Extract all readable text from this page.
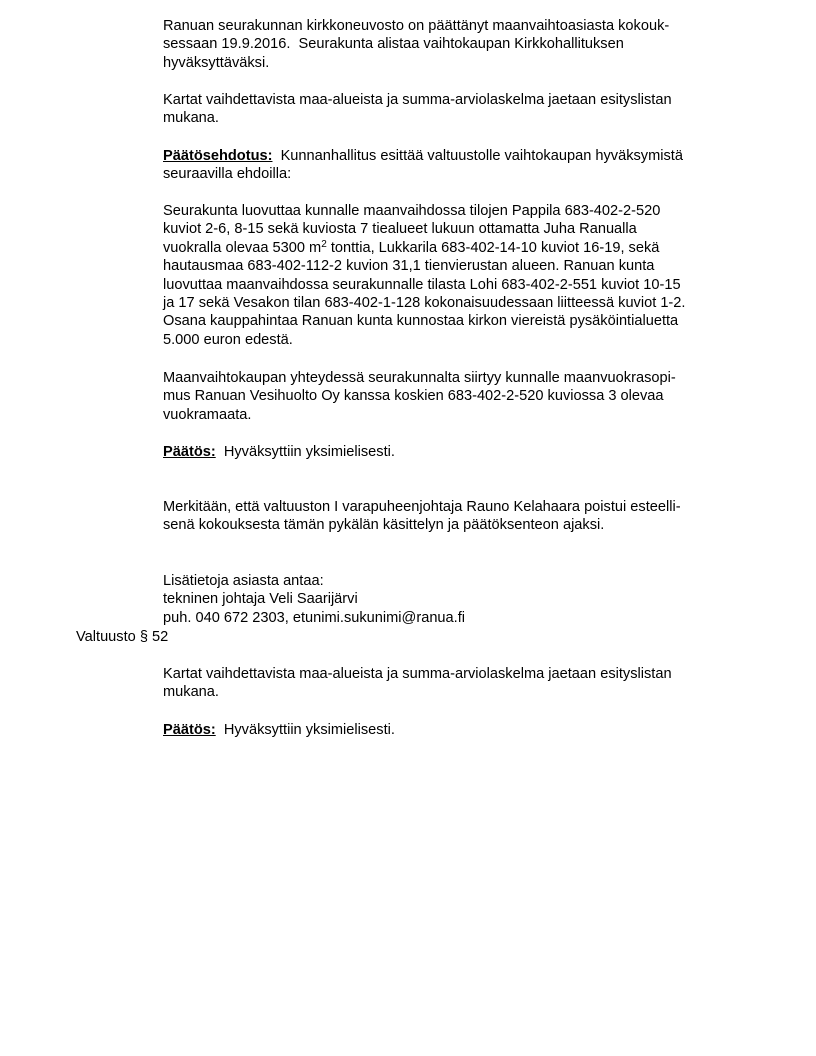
Ranuan seurakunnan kirkkoneuvosto on päättänyt maanvaihtoasiasta kokouk-
sessaan 19.9.2016.  Seurakunta alistaa vaihtokaupan Kirkkohallituksen
hyväksyttäväksi.
Kartat vaihdettavista maa-alueista ja summa-arviolaskelma jaetaan esityslistan
mukana.
Päätösehdotus: Kunnanhallitus esittää valtuustolle vaihtokaupan hyväksymistä
seuraavilla ehdoilla:
Seurakunta luovuttaa kunnalle maanvaihdossa tilojen Pappila 683-402-2-520
kuviot 2-6, 8-15 sekä kuviosta 7 tiealueet lukuun ottamatta Juha Ranualla
vuokralla olevaa 5300 $m^2$ tonttia, Lukkarila 683-402-14-10 kuviot 16-19, sekä
hautausmaa 683-402-112-2 kuvion 31,1 tienvierustan alueen. Ranuan kunta
luovuttaa maanvaihdossa seurakunnalle tilasta Lohi 683-402-2-551 kuviot 10-15
ja 17 sekä Vesakon tilan 683-402-1-128 kokonaisuudessaan liitteessä kuviot 1-2.
Osana kauppahintaa Ranuan kunta kunnostaa kirkon viereistä pysäköintialuetta
5.000 euron edestä.
Maanvaihtokaupan yhteydessä seurakunnalta siirtyy kunnalle maanvuokrasopi-
mus Ranuan Vesihuolto Oy kanssa koskien 683-402-2-520 kuviossa 3 olevaa
vuokramaata.
Päätös: Hyväksyttiin yksimielisesti.
Merkitään, että valtuuston I varapuheenjohtaja Rauno Kelahaara poistui esteelli-
senä kokouksesta tämän pykälän käsittelyn ja päätöksenteon ajaksi.
Lisätietoja asiasta antaa:
tekninen johtaja Veli Saarijärvi
puh. 040 672 2303, etunimi.sukunimi@ranua.fi
Valtuusto § 52
Kartat vaihdettavista maa-alueista ja summa-arviolaskelma jaetaan esityslistan
mukana.
Päätös: Hyväksyttiin yksimielisesti.
